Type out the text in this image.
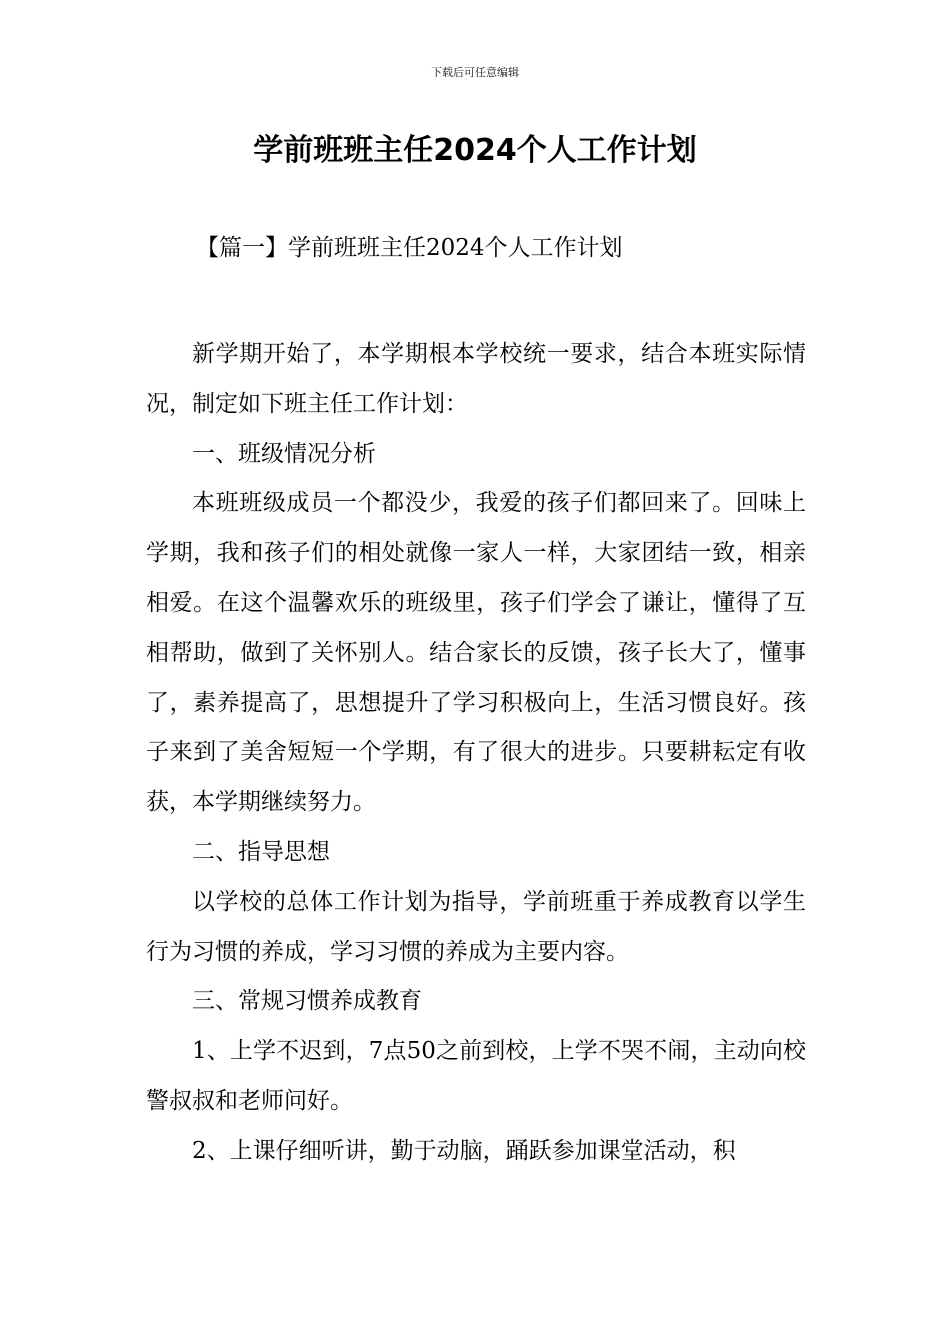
下载后可任意编辑
学前班班主任2024个人工作计划
【篇一】学前班班主任2024个人工作计划

新学期开始了，本学期根本学校统一要求，结合本班实际情况，制定如下班主任工作计划：

一、班级情况分析

本班班级成员一个都没少，我爱的孩子们都回来了。回味上学期，我和孩子们的相处就像一家人一样，大家团结一致，相亲相爱。在这个温馨欢乐的班级里，孩子们学会了谦让，懂得了互相帮助，做到了关怀别人。结合家长的反馈，孩子长大了，懂事了，素养提高了，思想提升了学习积极向上，生活习惯良好。孩子来到了美舍短短一个学期，有了很大的进步。只要耕耘定有收获，本学期继续努力。

二、指导思想

以学校的总体工作计划为指导，学前班重于养成教育以学生行为习惯的养成，学习习惯的养成为主要内容。

三、常规习惯养成教育

1、上学不迟到，7点50之前到校，上学不哭不闹，主动向校警叔叔和老师问好。

2、上课仔细听讲，勤于动脑，踊跃参加课堂活动，积
